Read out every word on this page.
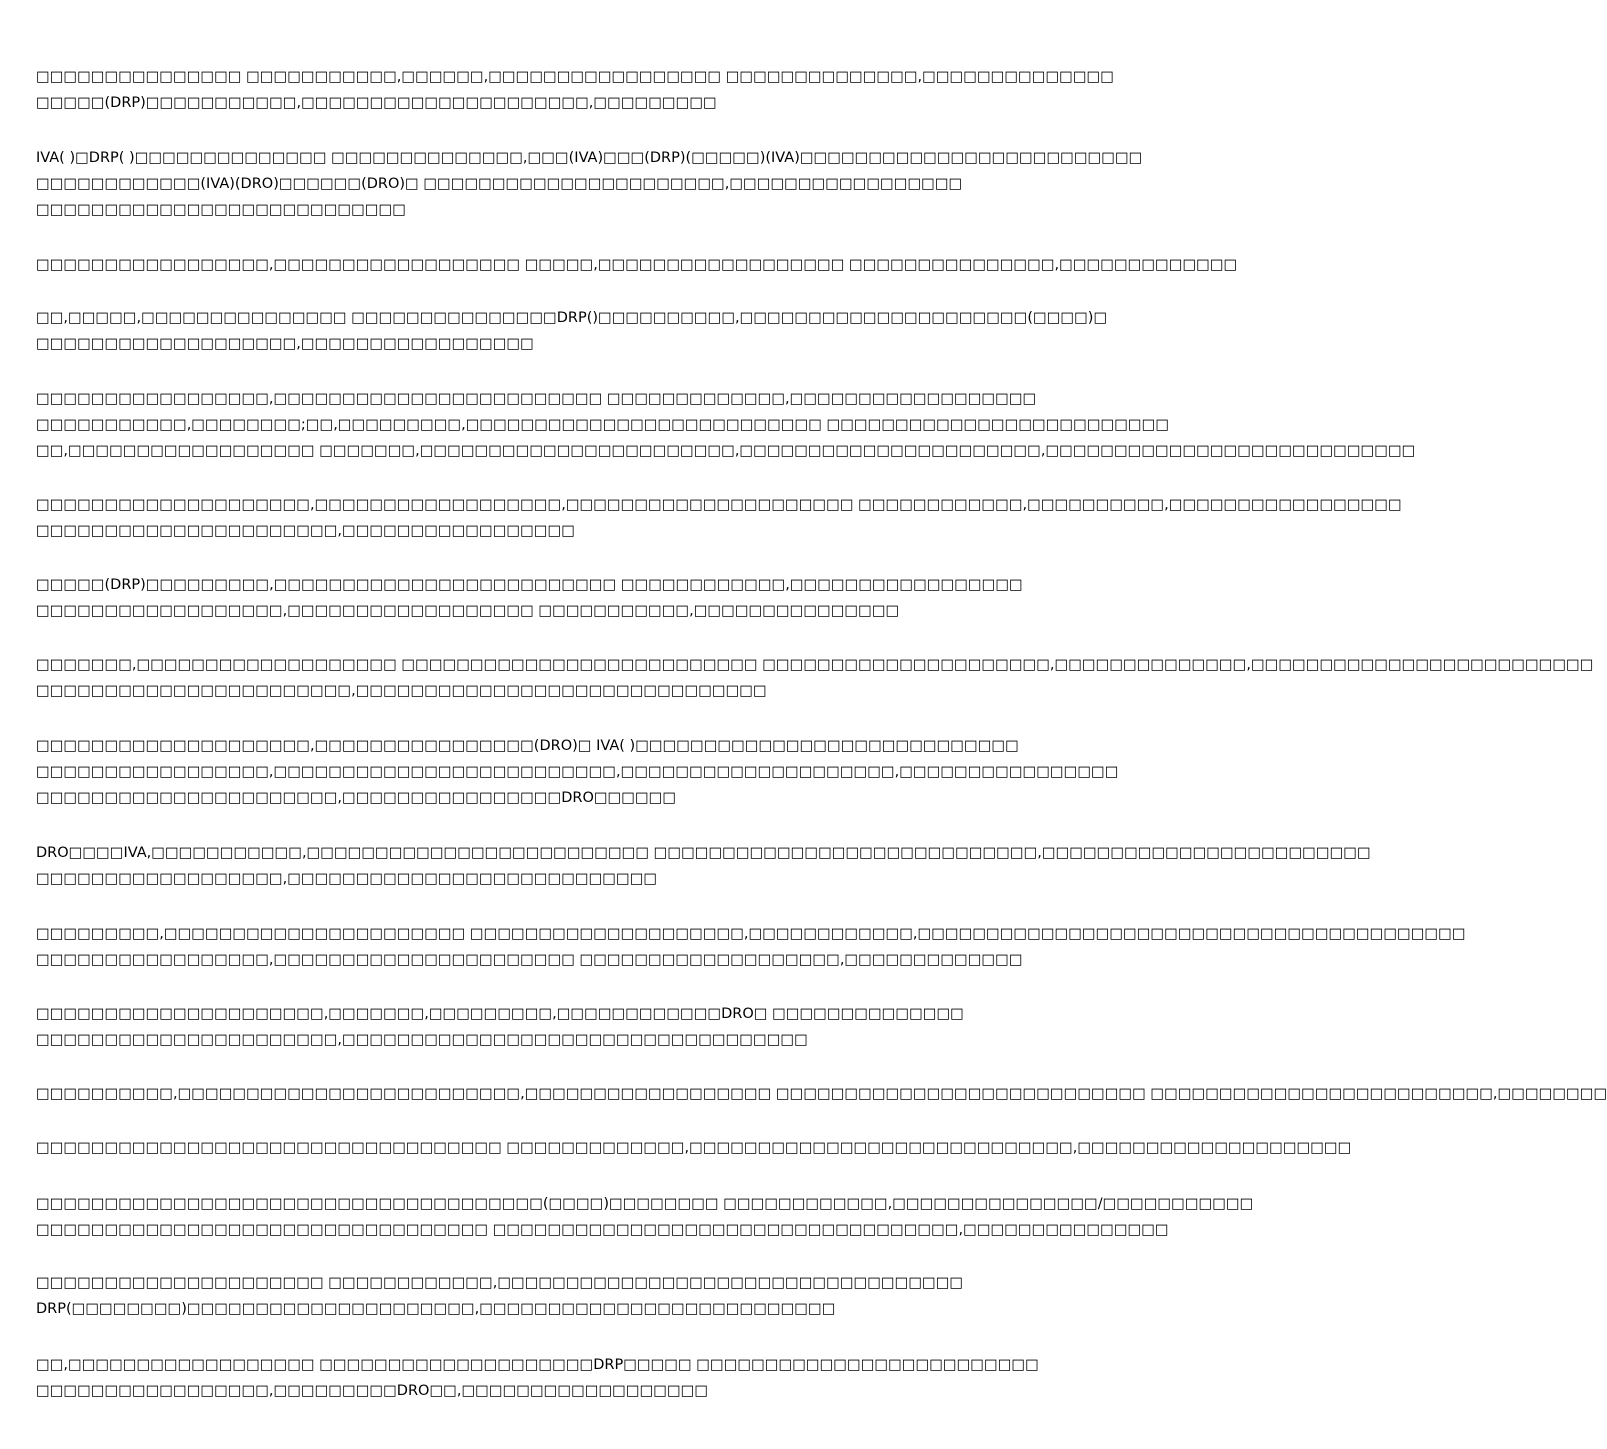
□□□□□□□□□□□□□□□ □□□□□□□□□□□,□□□□□□,□□□□□□□□□□□□□□□□□ □□□□□□□□□□□□□□,□□□□□□□□□□□□□□
□□□□□(DRP)□□□□□□□□□□□,□□□□□□□□□□□□□□□□□□□□□,□□□□□□□□□
IVA( )□DRP( )□□□□□□□□□□□□□□ □□□□□□□□□□□□□□,□□□(IVA)□□□(DRP)(□□□□□)(IVA)□□□□□□□□□□□□□□□□□□□□□□□□□
□□□□□□□□□□□□(IVA)(DRO)□□□□□□(DRO)□ □□□□□□□□□□□□□□□□□□□□□□,□□□□□□□□□□□□□□□□□
□□□□□□□□□□□□□□□□□□□□□□□□□□□
□□□□□□□□□□□□□□□□□,□□□□□□□□□□□□□□□□□□ □□□□□,□□□□□□□□□□□□□□□□□□ □□□□□□□□□□□□□□□,□□□□□□□□□□□□□
□□,□□□□□,□□□□□□□□□□□□□□□ □□□□□□□□□□□□□□□DRP()□□□□□□□□□□,□□□□□□□□□□□□□□□□□□□□□(□□□□)□
□□□□□□□□□□□□□□□□□□□,□□□□□□□□□□□□□□□□□
□□□□□□□□□□□□□□□□□,□□□□□□□□□□□□□□□□□□□□□□□□ □□□□□□□□□□□□□,□□□□□□□□□□□□□□□□□□
□□□□□□□□□□□,□□□□□□□□;□□,□□□□□□□□□,□□□□□□□□□□□□□□□□□□□□□□□□□□ □□□□□□□□□□□□□□□□□□□□□□□□□
□□,□□□□□□□□□□□□□□□□□□ □□□□□□□,□□□□□□□□□□□□□□□□□□□□□□□,□□□□□□□□□□□□□□□□□□□□□□,□□□□□□□□□□□□□□□□□□□□□□□□□□□
□□□□□□□□□□□□□□□□□□□□,□□□□□□□□□□□□□□□□□□,□□□□□□□□□□□□□□□□□□□□□ □□□□□□□□□□□□,□□□□□□□□□□,□□□□□□□□□□□□□□□□□
□□□□□□□□□□□□□□□□□□□□□□,□□□□□□□□□□□□□□□□□
□□□□□(DRP)□□□□□□□□□,□□□□□□□□□□□□□□□□□□□□□□□□□ □□□□□□□□□□□□,□□□□□□□□□□□□□□□□□
□□□□□□□□□□□□□□□□□□,□□□□□□□□□□□□□□□□□□ □□□□□□□□□□□,□□□□□□□□□□□□□□□
□□□□□□□,□□□□□□□□□□□□□□□□□□□ □□□□□□□□□□□□□□□□□□□□□□□□□□ □□□□□□□□□□□□□□□□□□□□□,□□□□□□□□□□□□□□,□□□□□□□□□□□□□□□□□□□□□□□□□
□□□□□□□□□□□□□□□□□□□□□□□,□□□□□□□□□□□□□□□□□□□□□□□□□□□□□□
□□□□□□□□□□□□□□□□□□□□,□□□□□□□□□□□□□□□□(DRO)□ IVA( )□□□□□□□□□□□□□□□□□□□□□□□□□□□□
□□□□□□□□□□□□□□□□□,□□□□□□□□□□□□□□□□□□□□□□□□□,□□□□□□□□□□□□□□□□□□□□,□□□□□□□□□□□□□□□□
□□□□□□□□□□□□□□□□□□□□□□,□□□□□□□□□□□□□□□□DRO□□□□□□
DRO□□□□IVA,□□□□□□□□□□□,□□□□□□□□□□□□□□□□□□□□□□□□□ □□□□□□□□□□□□□□□□□□□□□□□□□□□□,□□□□□□□□□□□□□□□□□□□□□□□□
□□□□□□□□□□□□□□□□□□,□□□□□□□□□□□□□□□□□□□□□□□□□□□
□□□□□□□□□,□□□□□□□□□□□□□□□□□□□□□□ □□□□□□□□□□□□□□□□□□□□,□□□□□□□□□□□□,□□□□□□□□□□□□□□□□□□□□□□□□□□□□□□□□□□□□□□□□
□□□□□□□□□□□□□□□□□,□□□□□□□□□□□□□□□□□□□□□□ □□□□□□□□□□□□□□□□□□□,□□□□□□□□□□□□□
□□□□□□□□□□□□□□□□□□□□□,□□□□□□□,□□□□□□□□□,□□□□□□□□□□□□DRO□ □□□□□□□□□□□□□□
□□□□□□□□□□□□□□□□□□□□□□,□□□□□□□□□□□□□□□□□□□□□□□□□□□□□□□□□□
□□□□□□□□□□,□□□□□□□□□□□□□□□□□□□□□□□□□,□□□□□□□□□□□□□□□□□□ □□□□□□□□□□□□□□□□□□□□□□□□□□□ □□□□□□□□□□□□□□□□□□□□□□□□□,□□□□□□□□
□□□□□□□□□□□□□□□□□□□□□□□□□□□□□□□□□□ □□□□□□□□□□□□□,□□□□□□□□□□□□□□□□□□□□□□□□□□□□,□□□□□□□□□□□□□□□□□□□□
□□□□□□□□□□□□□□□□□□□□□□□□□□□□□□□□□□□□□(□□□□)□□□□□□□□ □□□□□□□□□□□□,□□□□□□□□□□□□□□□/□□□□□□□□□□□
□□□□□□□□□□□□□□□□□□□□□□□□□□□□□□□□□ □□□□□□□□□□□□□□□□□□□□□□□□□□□□□□□□□□,□□□□□□□□□□□□□□□
□□□□□□□□□□□□□□□□□□□□□ □□□□□□□□□□□□,□□□□□□□□□□□□□□□□□□□□□□□□□□□□□□□□□□
DRP(□□□□□□□□)□□□□□□□□□□□□□□□□□□□□□,□□□□□□□□□□□□□□□□□□□□□□□□□□
□□,□□□□□□□□□□□□□□□□□□ □□□□□□□□□□□□□□□□□□□□DRP□□□□□ □□□□□□□□□□□□□□□□□□□□□□□□□
□□□□□□□□□□□□□□□□□,□□□□□□□□□DRO□□,□□□□□□□□□□□□□□□□□□
